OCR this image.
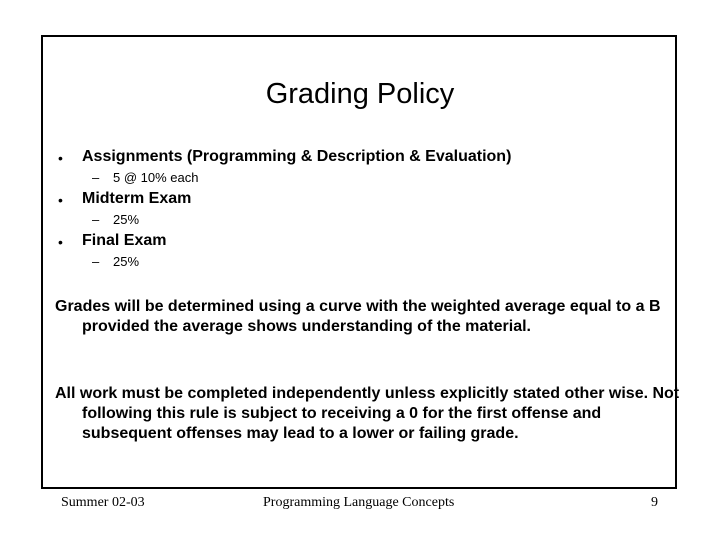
Grading Policy
• Assignments (Programming & Description & Evaluation)
– 5 @ 10% each
• Midterm Exam
– 25%
• Final Exam
– 25%
Grades will be determined using a curve with the weighted average equal to a B provided the average shows understanding of the material.
All work must be completed independently unless explicitly stated other wise. Not following this rule is subject to receiving a 0 for the first offense and subsequent offenses may lead to a lower or failing grade.
Summer 02-03	Programming Language Concepts	9
